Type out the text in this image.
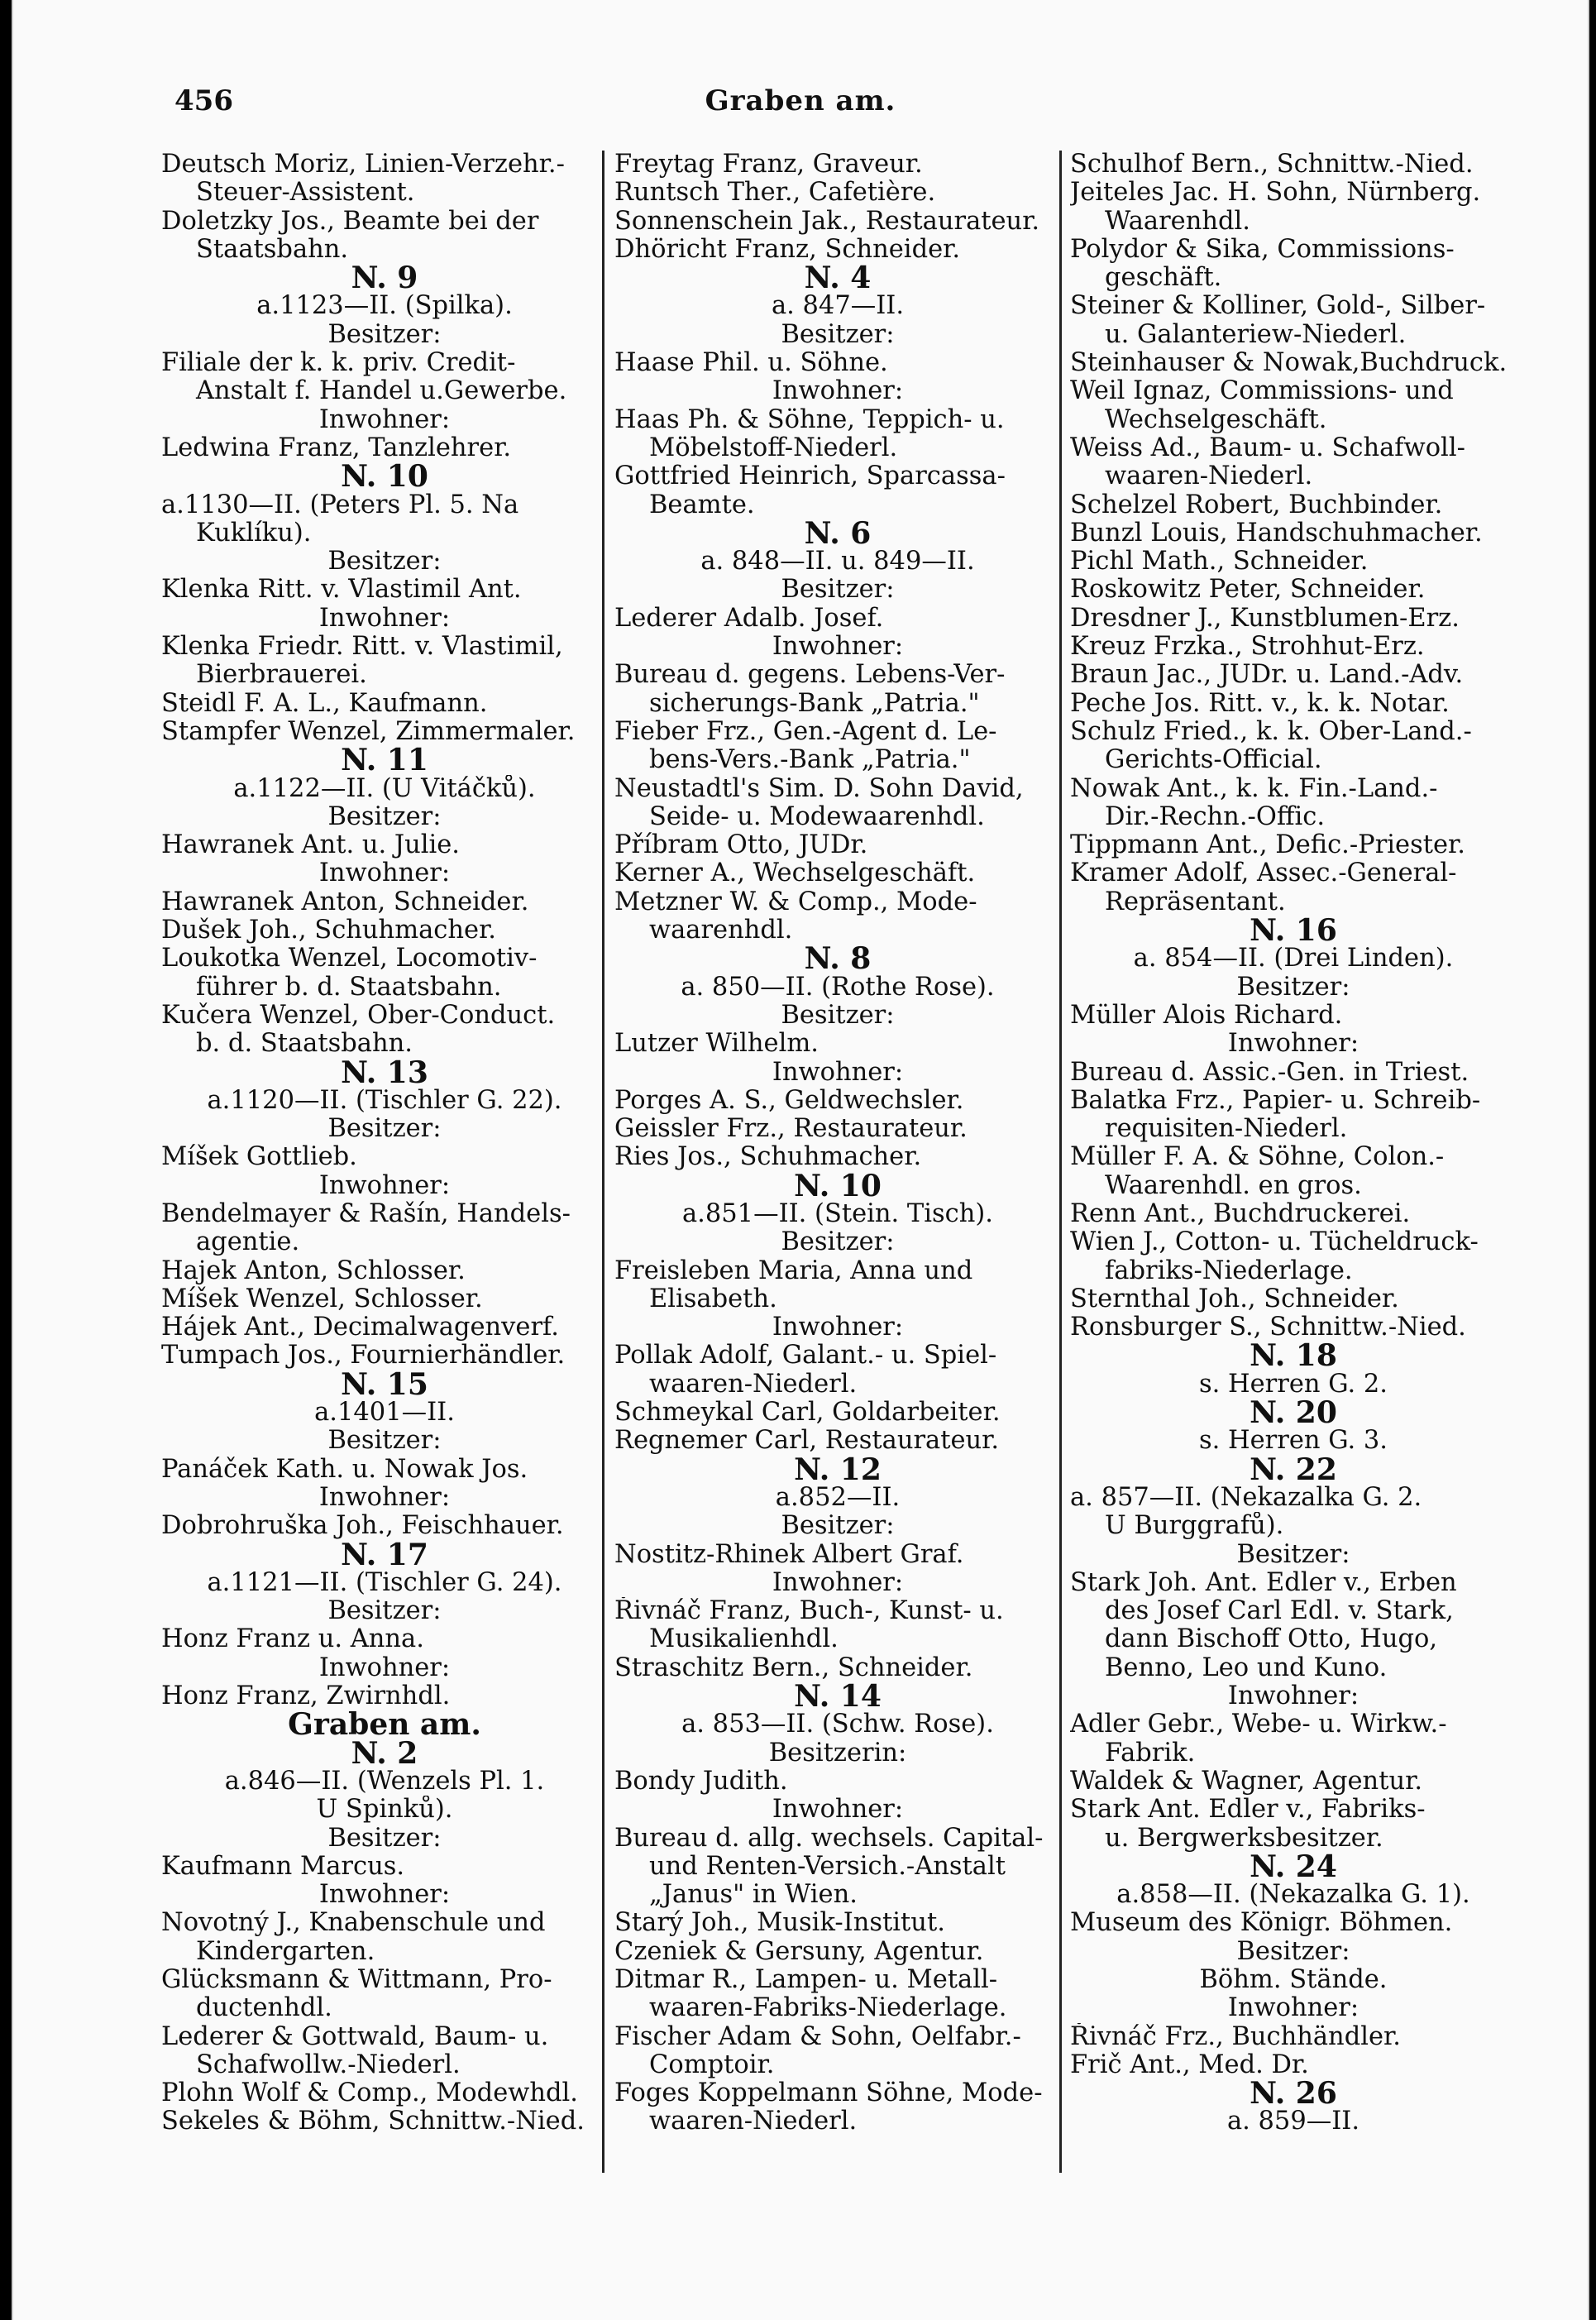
456	Graben am.
Deutsch Moriz, Linien-Verzehr.-
Steuer-Assistent.
Doletzky Jos., Beamte bei der
Staatsbahn.
N. 9
a.1123—II. (Spilka).
Besitzer:
Filiale der k. k. priv. Credit-
Anstalt f. Handel u.Gewerbe.
Inwohner:
Ledwina Franz, Tanzlehrer.
N. 10
a.1130—II. (Peters Pl. 5. Na
Kuklíku).
Besitzer:
Klenka Ritt. v. Vlastimil Ant.
Inwohner:
Klenka Friedr. Ritt. v. Vlastimil,
Bierbrauerei.
Steidl F. A. L., Kaufmann.
Stampfer Wenzel, Zimmermaler.
N. 11
a.1122—II. (U Vitáčků).
Besitzer:
Hawranek Ant. u. Julie.
Inwohner:
Hawranek Anton, Schneider.
Dušek Joh., Schuhmacher.
Loukotka Wenzel, Locomotiv-
führer b. d. Staatsbahn.
Kučera Wenzel, Ober-Conduct.
b. d. Staatsbahn.
N. 13
a.1120—II. (Tischler G. 22).
Besitzer:
Míšek Gottlieb.
Inwohner:
Bendelmayer & Rašín, Handels-
agentie.
Hajek Anton, Schlosser.
Míšek Wenzel, Schlosser.
Hájek Ant., Decimalwagenverf.
Tumpach Jos., Fournierhändler.
N. 15
a.1401—II.
Besitzer:
Panáček Kath. u. Nowak Jos.
Inwohner:
Dobrohruška Joh., Feischhauer.
N. 17
a.1121—II. (Tischler G. 24).
Besitzer:
Honz Franz u. Anna.
Inwohner:
Honz Franz, Zwirnhdl.
Graben am.
N. 2
a.846—II. (Wenzels Pl. 1.
U Spinků).
Besitzer:
Kaufmann Marcus.
Inwohner:
Novotný J., Knabenschule und
Kindergarten.
Glücksmann & Wittmann, Pro-
ductenhdl.
Lederer & Gottwald, Baum- u.
Schafwollw.-Niederl.
Plohn Wolf & Comp., Modewhdl.
Sekeles & Böhm, Schnittw.-Nied.
Freytag Franz, Graveur.
Runtsch Ther., Cafetière.
Sonnenschein Jak., Restaurateur.
Dhöricht Franz, Schneider.
N. 4
a. 847—II.
Besitzer:
Haase Phil. u. Söhne.
Inwohner:
Haas Ph. & Söhne, Teppich- u.
Möbelstoff-Niederl.
Gottfried Heinrich, Sparcassa-
Beamte.
N. 6
a. 848—II. u. 849—II.
Besitzer:
Lederer Adalb. Josef.
Inwohner:
Bureau d. gegens. Lebens-Ver-
sicherungs-Bank „Patria."
Fieber Frz., Gen.-Agent d. Le-
bens-Vers.-Bank „Patria."
Neustadtl's Sim. D. Sohn David,
Seide- u. Modewaarenhdl.
Příbram Otto, JUDr.
Kerner A., Wechselgeschäft.
Metzner W. & Comp., Mode-
waarenhdl.
N. 8
a. 850—II. (Rothe Rose).
Besitzer:
Lutzer Wilhelm.
Inwohner:
Porges A. S., Geldwechsler.
Geissler Frz., Restaurateur.
Ries Jos., Schuhmacher.
N. 10
a.851—II. (Stein. Tisch).
Besitzer:
Freisleben Maria, Anna und
Elisabeth.
Inwohner:
Pollak Adolf, Galant.- u. Spiel-
waaren-Niederl.
Schmeykal Carl, Goldarbeiter.
Regnemer Carl, Restaurateur.
N. 12
a.852—II.
Besitzer:
Nostitz-Rhinek Albert Graf.
Inwohner:
Řivnáč Franz, Buch-, Kunst- u.
Musikalienhdl.
Straschitz Bern., Schneider.
N. 14
a. 853—II. (Schw. Rose).
Besitzerin:
Bondy Judith.
Inwohner:
Bureau d. allg. wechsels. Capital-
und Renten-Versich.-Anstalt
„Janus" in Wien.
Starý Joh., Musik-Institut.
Czeniek & Gersuny, Agentur.
Ditmar R., Lampen- u. Metall-
waaren-Fabriks-Niederlage.
Fischer Adam & Sohn, Oelfabr.-
Comptoir.
Foges Koppelmann Söhne, Mode-
waaren-Niederl.
Schulhof Bern., Schnittw.-Nied.
Jeiteles Jac. H. Sohn, Nürnberg.
Waarenhdl.
Polydor & Sika, Commissions-
geschäft.
Steiner & Kolliner, Gold-, Silber-
u. Galanteriew-Niederl.
Steinhauser & Nowak,Buchdruck.
Weil Ignaz, Commissions- und
Wechselgeschäft.
Weiss Ad., Baum- u. Schafwoll-
waaren-Niederl.
Schelzel Robert, Buchbinder.
Bunzl Louis, Handschuhmacher.
Pichl Math., Schneider.
Roskowitz Peter, Schneider.
Dresdner J., Kunstblumen-Erz.
Kreuz Frzka., Strohhut-Erz.
Braun Jac., JUDr. u. Land.-Adv.
Peche Jos. Ritt. v., k. k. Notar.
Schulz Fried., k. k. Ober-Land.-
Gerichts-Official.
Nowak Ant., k. k. Fin.-Land.-
Dir.-Rechn.-Offic.
Tippmann Ant., Defic.-Priester.
Kramer Adolf, Assec.-General-
Repräsentant.
N. 16
a. 854—II. (Drei Linden).
Besitzer:
Müller Alois Richard.
Inwohner:
Bureau d. Assic.-Gen. in Triest.
Balatka Frz., Papier- u. Schreib-
requisiten-Niederl.
Müller F. A. & Söhne, Colon.-
Waarenhdl. en gros.
Renn Ant., Buchdruckerei.
Wien J., Cotton- u. Tücheldruck-
fabriks-Niederlage.
Sternthal Joh., Schneider.
Ronsburger S., Schnittw.-Nied.
N. 18
s. Herren G. 2.
N. 20
s. Herren G. 3.
N. 22
a. 857—II. (Nekazalka G. 2.
U Burggrafů).
Besitzer:
Stark Joh. Ant. Edler v., Erben
des Josef Carl Edl. v. Stark,
dann Bischoff Otto, Hugo,
Benno, Leo und Kuno.
Inwohner:
Adler Gebr., Webe- u. Wirkw.-
Fabrik.
Waldek & Wagner, Agentur.
Stark Ant. Edler v., Fabriks-
u. Bergwerksbesitzer.
N. 24
a.858—II. (Nekazalka G. 1).
Museum des Königr. Böhmen.
Besitzer:
Böhm. Stände.
Inwohner:
Řivnáč Frz., Buchhändler.
Frič Ant., Med. Dr.
N. 26
a. 859—II.
